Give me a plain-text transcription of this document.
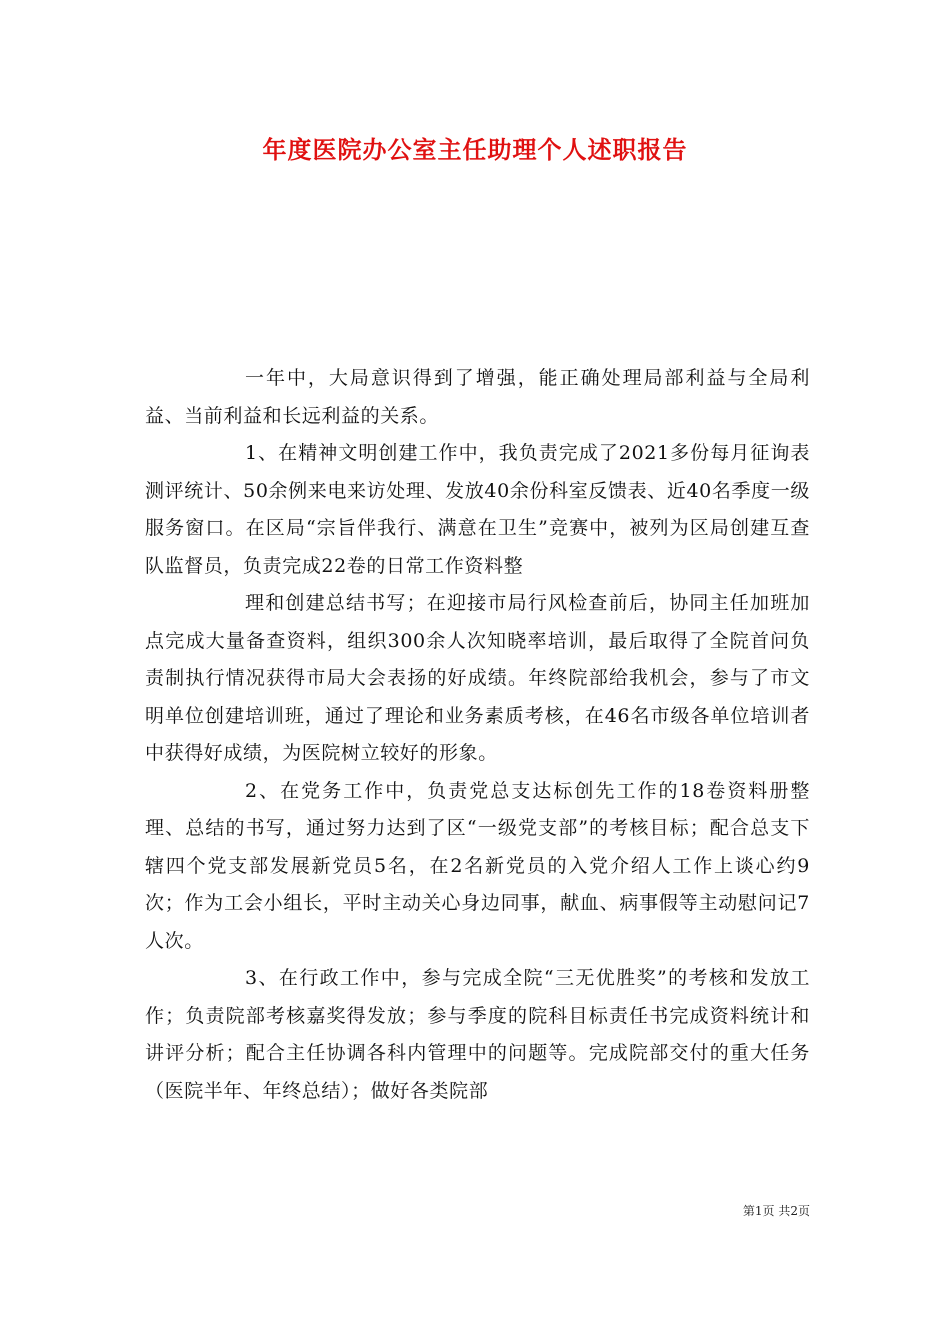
年度医院办公室主任助理个人述职报告

一年中，大局意识得到了增强，能正确处理局部利益与全局利益、当前利益和长远利益的关系。

1、在精神文明创建工作中，我负责完成了2021多份每月征询表测评统计、50余例来电来访处理、发放40余份科室反馈表、近40名季度一级服务窗口。在区局“宗旨伴我行、满意在卫生”竞赛中，被列为区局创建互查队监督员，负责完成22卷的日常工作资料整

理和创建总结书写；在迎接市局行风检查前后，协同主任加班加点完成大量备查资料，组织300余人次知晓率培训，最后取得了全院首问负责制执行情况获得市局大会表扬的好成绩。年终院部给我机会，参与了市文明单位创建培训班，通过了理论和业务素质考核，在46名市级各单位培训者中获得好成绩，为医院树立较好的形象。

2、在党务工作中，负责党总支达标创先工作的18卷资料册整理、总结的书写，通过努力达到了区“一级党支部”的考核目标；配合总支下辖四个党支部发展新党员5名，在2名新党员的入党介绍人工作上谈心约9次；作为工会小组长，平时主动关心身边同事，献血、病事假等主动慰问记7人次。

3、在行政工作中，参与完成全院“三无优胜奖”的考核和发放工作；负责院部考核嘉奖得发放；参与季度的院科目标责任书完成资料统计和讲评分析；配合主任协调各科内管理中的问题等。完成院部交付的重大任务（医院半年、年终总结）；做好各类院部

第1页 共2页
